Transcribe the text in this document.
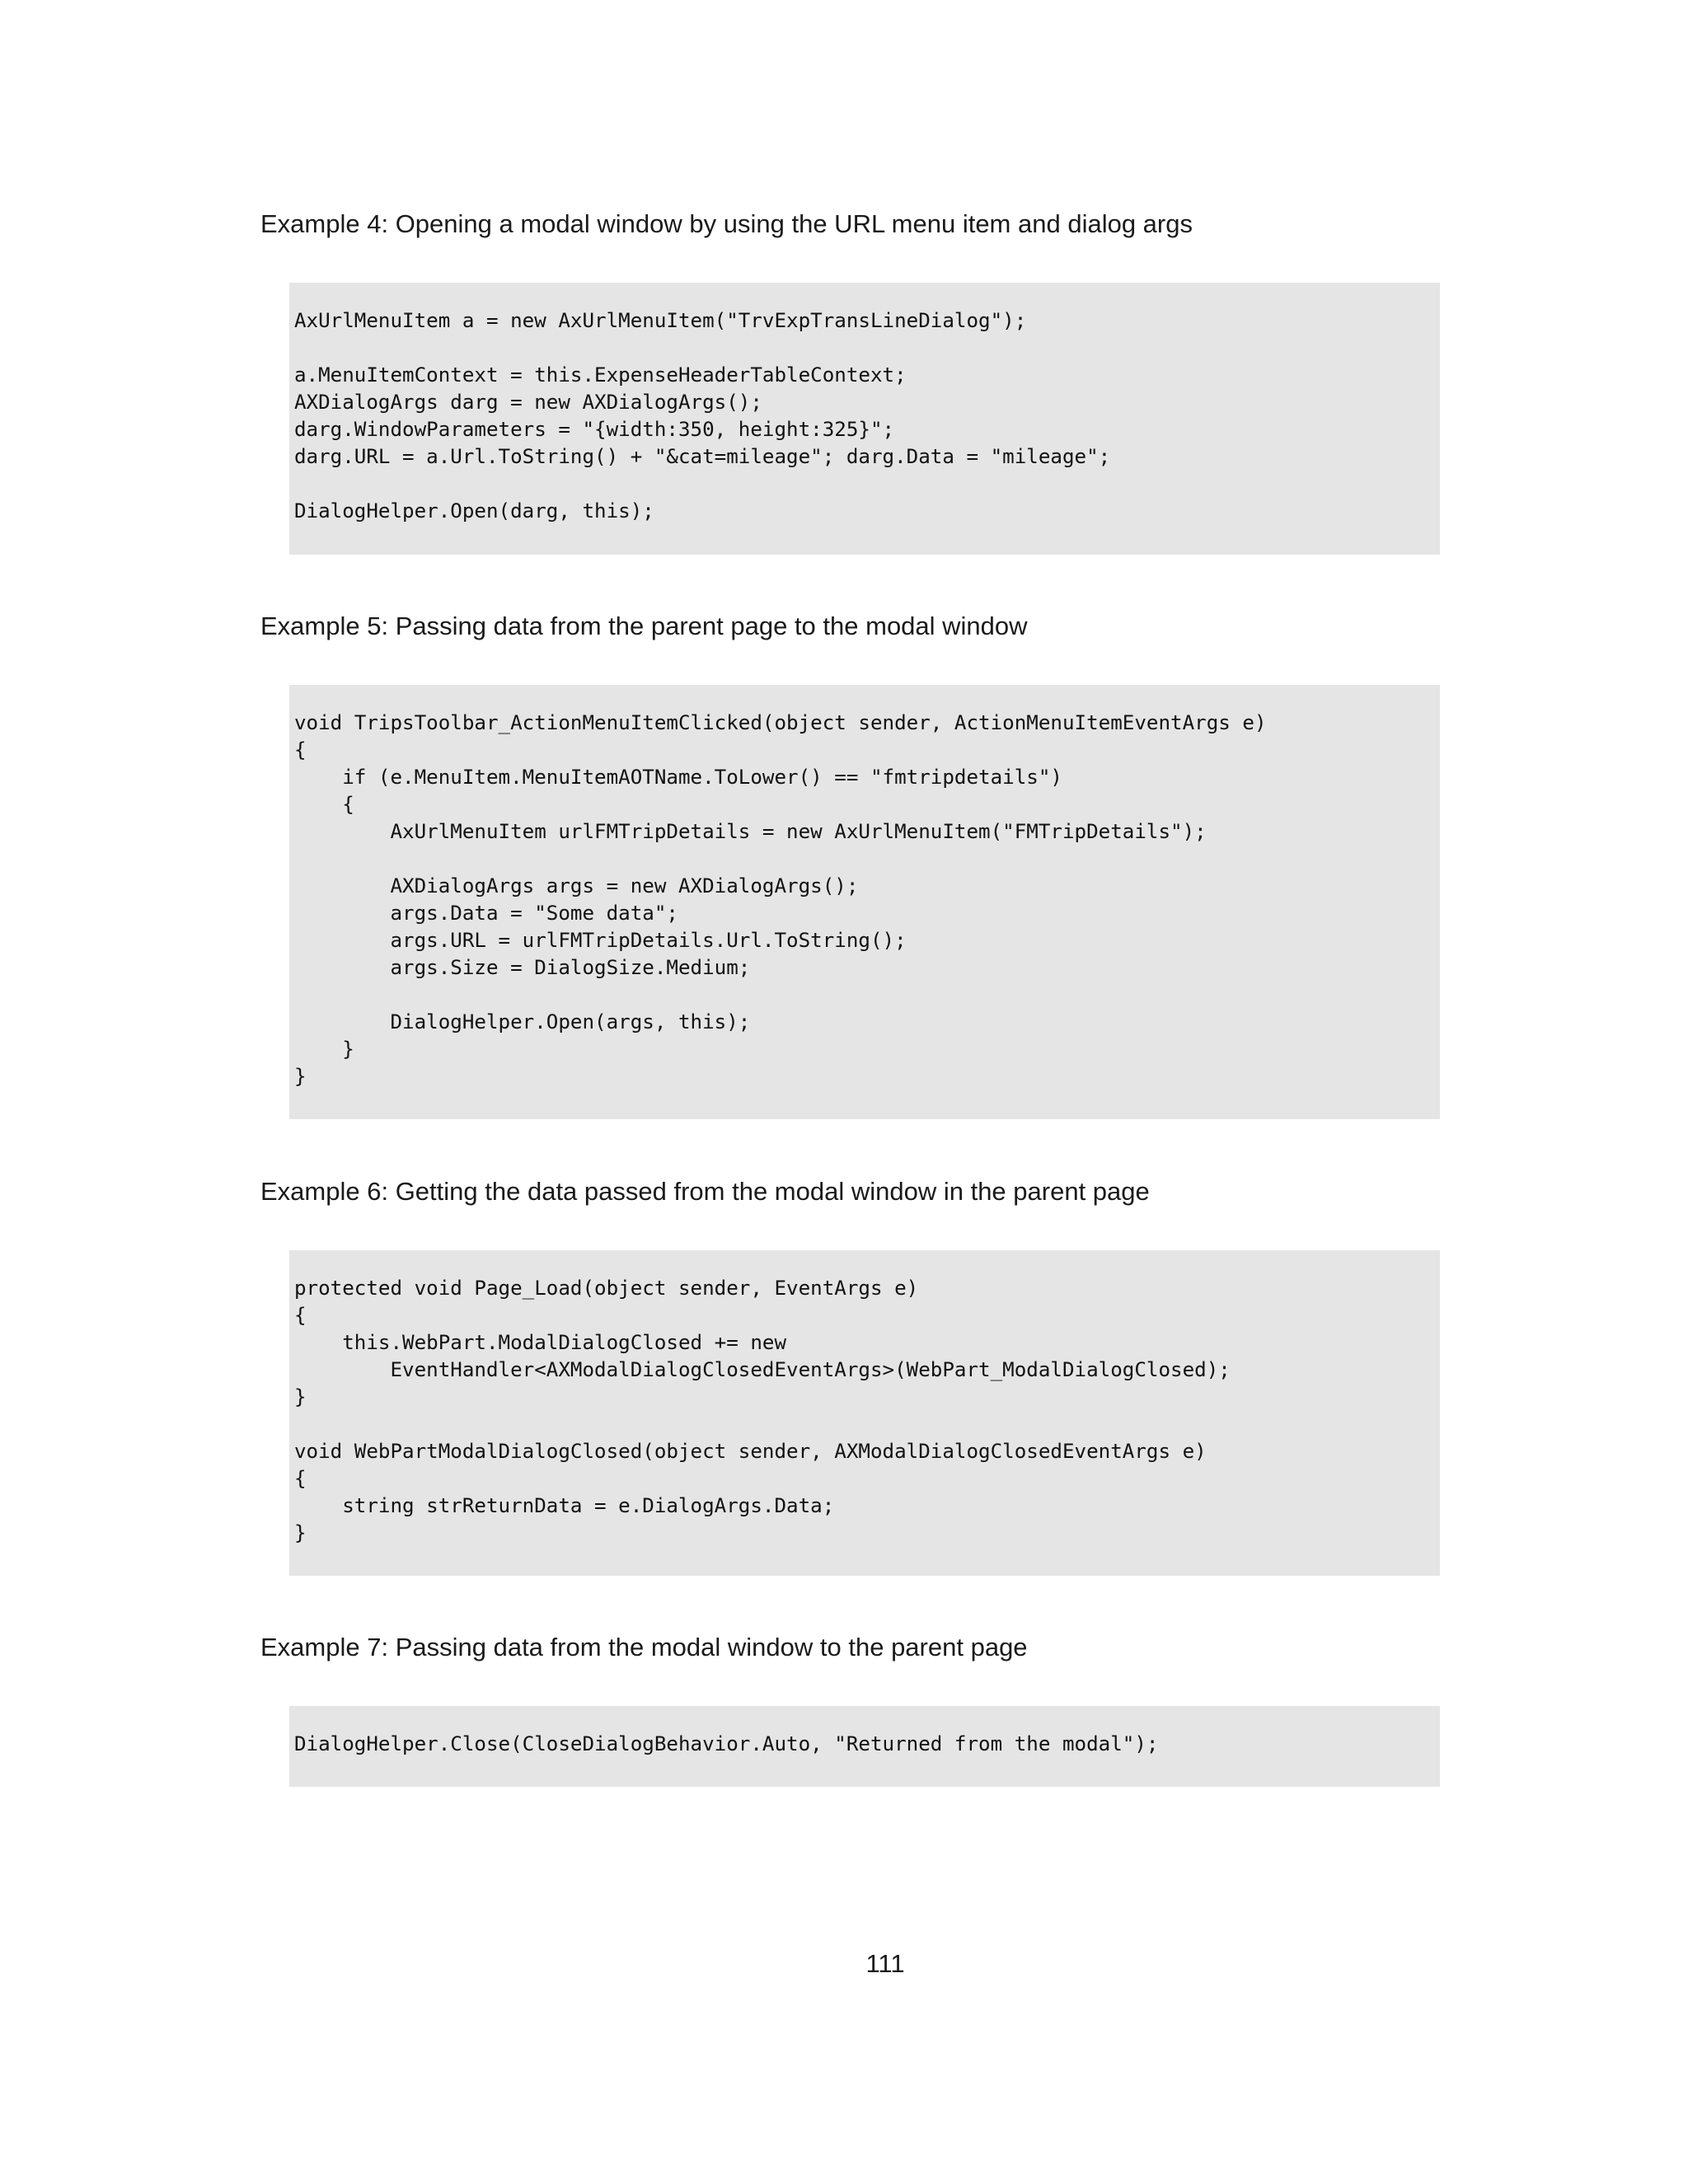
Example 4: Opening a modal window by using the URL menu item and dialog args
AxUrlMenuItem a = new AxUrlMenuItem("TrvExpTransLineDialog");
a.MenuItemContext = this.ExpenseHeaderTableContext;
AXDialogArgs darg = new AXDialogArgs();
darg.WindowParameters = "{width:350, height:325}";
darg.URL = a.Url.ToString() + "&cat=mileage"; darg.Data = "mileage";
DialogHelper.Open(darg, this);
Example 5: Passing data from the parent page to the modal window
void TripsToolbar_ActionMenuItemClicked(object sender, ActionMenuItemEventArgs e)
{
if (e.MenuItem.MenuItemAOTName.ToLower() == "fmtripdetails")
{
AxUrlMenuItem urlFMTripDetails = new AxUrlMenuItem("FMTripDetails");
AXDialogArgs args = new AXDialogArgs();
args.Data = "Some data";
args.URL = urlFMTripDetails.Url.ToString();
args.Size = DialogSize.Medium;
DialogHelper.Open(args, this);
}
}
Example 6: Getting the data passed from the modal window in the parent page
protected void Page_Load(object sender, EventArgs e)
{
this.WebPart.ModalDialogClosed += new
EventHandler<AXModalDialogClosedEventArgs>(WebPart_ModalDialogClosed);
}
void WebPartModalDialogClosed(object sender, AXModalDialogClosedEventArgs e)
{
string strReturnData = e.DialogArgs.Data;
}
Example 7: Passing data from the modal window to the parent page
DialogHelper.Close(CloseDialogBehavior.Auto, "Returned from the modal");
111
